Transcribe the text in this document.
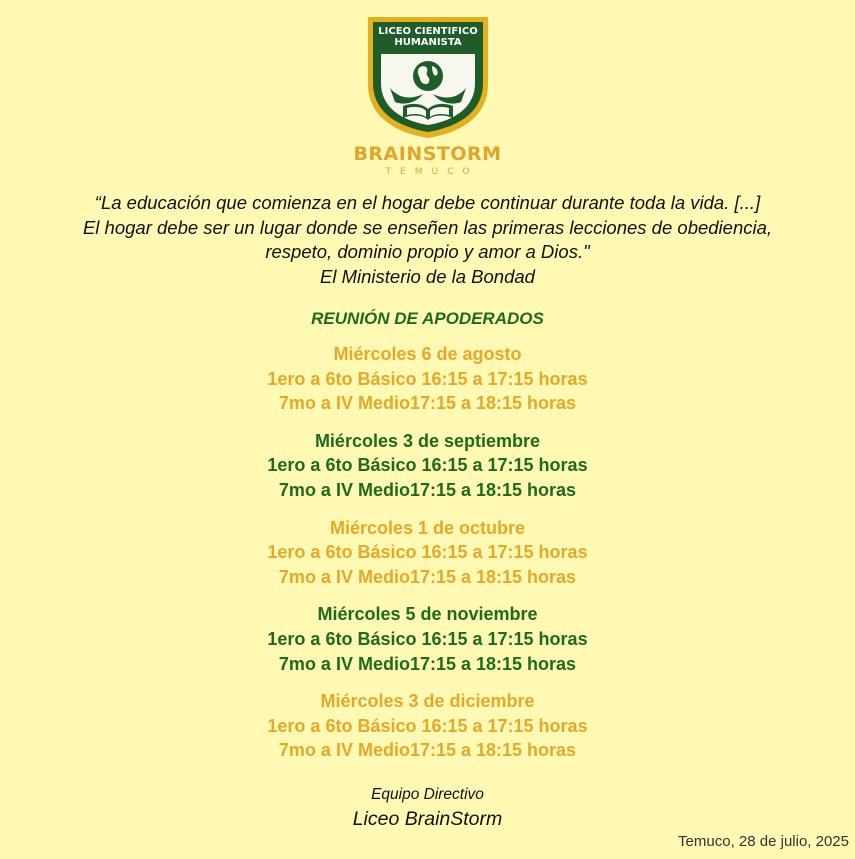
LICEO CIENTIFICO
HUMANISTA
BRAINSTORM
TEMUCO
“La educación que comienza en el hogar debe continuar durante toda la vida. [...]
El hogar debe ser un lugar donde se enseñen las primeras lecciones de obediencia,
respeto, dominio propio y amor a Dios."
El Ministerio de la Bondad
REUNIÓN DE APODERADOS
Miércoles 6 de agosto
1ero a 6to Básico 16:15 a 17:15 horas
7mo a IV Medio17:15 a 18:15 horas
Miércoles 3 de septiembre
1ero a 6to Básico 16:15 a 17:15 horas
7mo a IV Medio17:15 a 18:15 horas
Miércoles 1 de octubre
1ero a 6to Básico 16:15 a 17:15 horas
7mo a IV Medio17:15 a 18:15 horas
Miércoles 5 de noviembre
1ero a 6to Básico 16:15 a 17:15 horas
7mo a IV Medio17:15 a 18:15 horas
Miércoles 3 de diciembre
1ero a 6to Básico 16:15 a 17:15 horas
7mo a IV Medio17:15 a 18:15 horas
Equipo Directivo
Liceo BrainStorm
Temuco, 28 de julio, 2025
